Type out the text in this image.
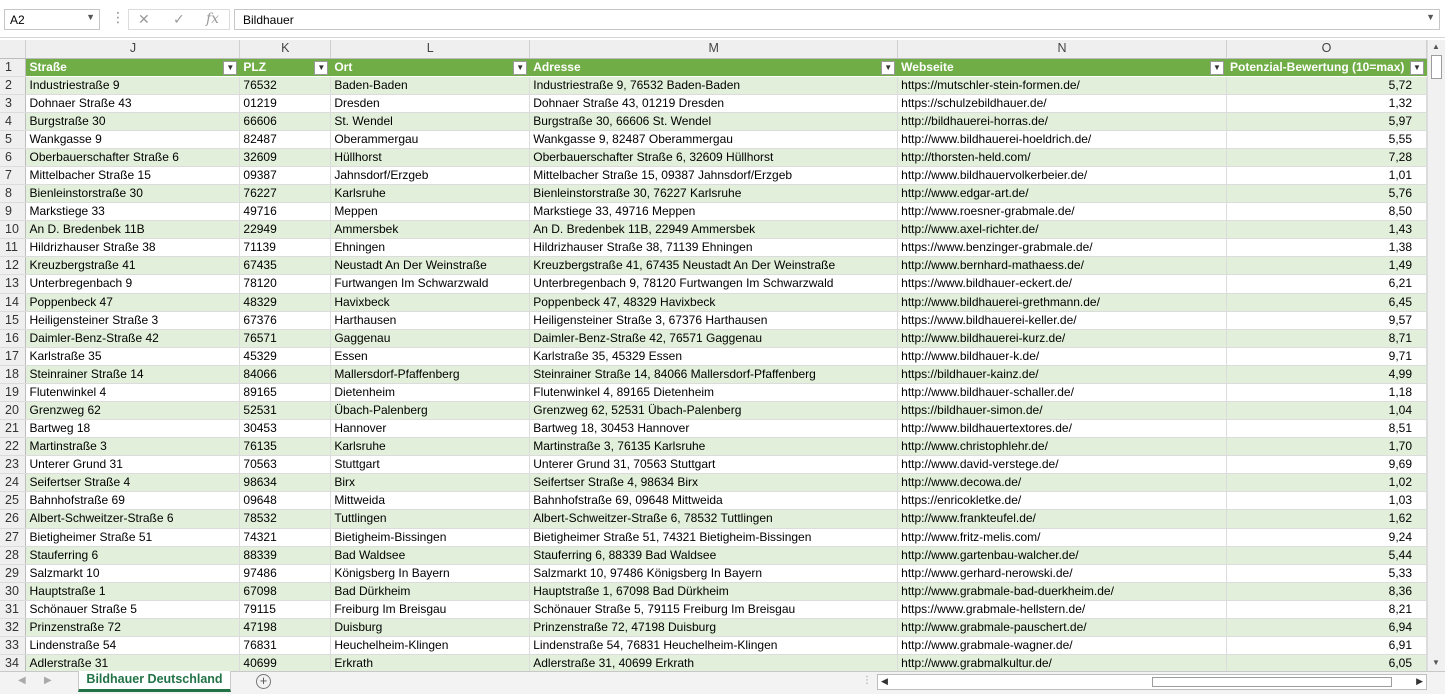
A2	▼ ⋮ ✕ ✓ fx	Bildhauer	▼
	J	K	L	M	N	O
1	Straße ▼	PLZ ▼	Ort ▼	Adresse ▼	Webseite ▼	Potenzial-Bewertung (10=max) ▼

2	Industriestraße 9	76532	Baden-Baden	Industriestraße 9, 76532 Baden-Baden	https://mutschler-stein-formen.de/	5,72
3	Dohnaer Straße 43	01219	Dresden	Dohnaer Straße 43, 01219 Dresden	https://schulzebildhauer.de/	1,32
4	Burgstraße 30	66606	St. Wendel	Burgstraße 30, 66606 St. Wendel	http://bildhauerei-horras.de/	5,97
5	Wankgasse 9	82487	Oberammergau	Wankgasse 9, 82487 Oberammergau	http://www.bildhauerei-hoeldrich.de/	5,55
6	Oberbauerschafter Straße 6	32609	Hüllhorst	Oberbauerschafter Straße 6, 32609 Hüllhorst	http://thorsten-held.com/	7,28
7	Mittelbacher Straße 15	09387	Jahnsdorf/Erzgeb	Mittelbacher Straße 15, 09387 Jahnsdorf/Erzgeb	http://www.bildhauervolkerbeier.de/	1,01
8	Bienleinstorstraße 30	76227	Karlsruhe	Bienleinstorstraße 30, 76227 Karlsruhe	http://www.edgar-art.de/	5,76
9	Markstiege 33	49716	Meppen	Markstiege 33, 49716 Meppen	http://www.roesner-grabmale.de/	8,50
10	An D. Bredenbek 11B	22949	Ammersbek	An D. Bredenbek 11B, 22949 Ammersbek	http://www.axel-richter.de/	1,43
11	Hildrizhauser Straße 38	71139	Ehningen	Hildrizhauser Straße 38, 71139 Ehningen	https://www.benzinger-grabmale.de/	1,38
12	Kreuzbergstraße 41	67435	Neustadt An Der Weinstraße	Kreuzbergstraße 41, 67435 Neustadt An Der Weinstraße	http://www.bernhard-mathaess.de/	1,49
13	Unterbregenbach 9	78120	Furtwangen Im Schwarzwald	Unterbregenbach 9, 78120 Furtwangen Im Schwarzwald	https://www.bildhauer-eckert.de/	6,21
14	Poppenbeck 47	48329	Havixbeck	Poppenbeck 47, 48329 Havixbeck	http://www.bildhauerei-grethmann.de/	6,45
15	Heiligensteiner Straße 3	67376	Harthausen	Heiligensteiner Straße 3, 67376 Harthausen	https://www.bildhauerei-keller.de/	9,57
16	Daimler-Benz-Straße 42	76571	Gaggenau	Daimler-Benz-Straße 42, 76571 Gaggenau	http://www.bildhauerei-kurz.de/	8,71
17	Karlstraße 35	45329	Essen	Karlstraße 35, 45329 Essen	http://www.bildhauer-k.de/	9,71
18	Steinrainer Straße 14	84066	Mallersdorf-Pfaffenberg	Steinrainer Straße 14, 84066 Mallersdorf-Pfaffenberg	https://bildhauer-kainz.de/	4,99
19	Flutenwinkel 4	89165	Dietenheim	Flutenwinkel 4, 89165 Dietenheim	http://www.bildhauer-schaller.de/	1,18
20	Grenzweg 62	52531	Übach-Palenberg	Grenzweg 62, 52531 Übach-Palenberg	https://bildhauer-simon.de/	1,04
21	Bartweg 18	30453	Hannover	Bartweg 18, 30453 Hannover	http://www.bildhauertextores.de/	8,51
22	Martinstraße 3	76135	Karlsruhe	Martinstraße 3, 76135 Karlsruhe	http://www.christophlehr.de/	1,70
23	Unterer Grund 31	70563	Stuttgart	Unterer Grund 31, 70563 Stuttgart	http://www.david-verstege.de/	9,69
24	Seifertser Straße 4	98634	Birx	Seifertser Straße 4, 98634 Birx	http://www.decowa.de/	1,02
25	Bahnhofstraße 69	09648	Mittweida	Bahnhofstraße 69, 09648 Mittweida	https://enricokletke.de/	1,03
26	Albert-Schweitzer-Straße 6	78532	Tuttlingen	Albert-Schweitzer-Straße 6, 78532 Tuttlingen	http://www.frankteufel.de/	1,62
27	Bietigheimer Straße 51	74321	Bietigheim-Bissingen	Bietigheimer Straße 51, 74321 Bietigheim-Bissingen	http://www.fritz-melis.com/	9,24
28	Stauferring 6	88339	Bad Waldsee	Stauferring 6, 88339 Bad Waldsee	http://www.gartenbau-walcher.de/	5,44
29	Salzmarkt 10	97486	Königsberg In Bayern	Salzmarkt 10, 97486 Königsberg In Bayern	http://www.gerhard-nerowski.de/	5,33
30	Hauptstraße 1	67098	Bad Dürkheim	Hauptstraße 1, 67098 Bad Dürkheim	http://www.grabmale-bad-duerkheim.de/	8,36
31	Schönauer Straße 5	79115	Freiburg Im Breisgau	Schönauer Straße 5, 79115 Freiburg Im Breisgau	https://www.grabmale-hellstern.de/	8,21
32	Prinzenstraße 72	47198	Duisburg	Prinzenstraße 72, 47198 Duisburg	http://www.grabmale-pauschert.de/	6,94
33	Lindenstraße 54	76831	Heuchelheim-Klingen	Lindenstraße 54, 76831 Heuchelheim-Klingen	http://www.grabmale-wagner.de/	6,91
34	Adlerstraße 31	40699	Erkrath	Adlerstraße 31, 40699 Erkrath	http://www.grabmalkultur.de/	6,05
▲
▼
◀ ▶	Bildhauer Deutschland	+	⋮ ◀	▶
